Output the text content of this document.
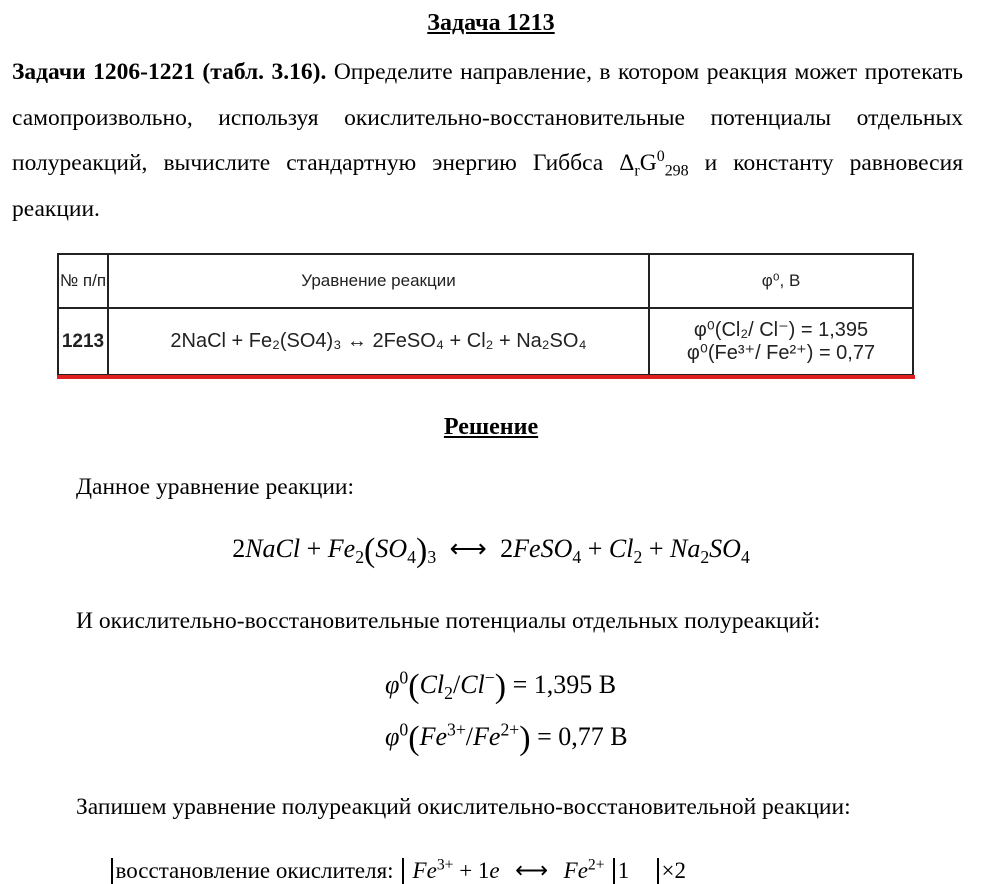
Задача 1213
Задачи 1206-1221 (табл. 3.16). Определите направление, в котором реакция может протекать самопроизвольно, используя окислительно-восстановительные потенциалы отдельных полуреакций, вычислите стандартную энергию Гиббса $\Delta_rG^0_{298}$ и константу равновесия реакции.
№ п/п	Уравнение реакции	φ⁰, В
1213	2NaCl + Fe₂(SO4)₃ ↔ 2FeSO₄ + Cl₂ + Na₂SO₄	φ⁰(Cl₂/ Cl⁻) = 1,395
φ⁰(Fe³⁺/ Fe²⁺) = 0,77
Решение
Данное уравнение реакции:
2NaCl + $Fe_2(SO_4)_3$ ⟷ 2FeSO$_4$ + $Cl_2 + Na_2SO_4$
И окислительно-восстановительные потенциалы отдельных полуреакций:
$\varphi^0(Cl_2/Cl^-) = 1,395$ В
$\varphi^0(Fe^{3+}/Fe^{2+}) = 0,77$ В
Запишем уравнение полуреакций окислительно-восстановительной реакции:
восстановление окислителя: $Fe^{3+} + 1e$ ⟷ $Fe^{2+}$ 1 ×2
